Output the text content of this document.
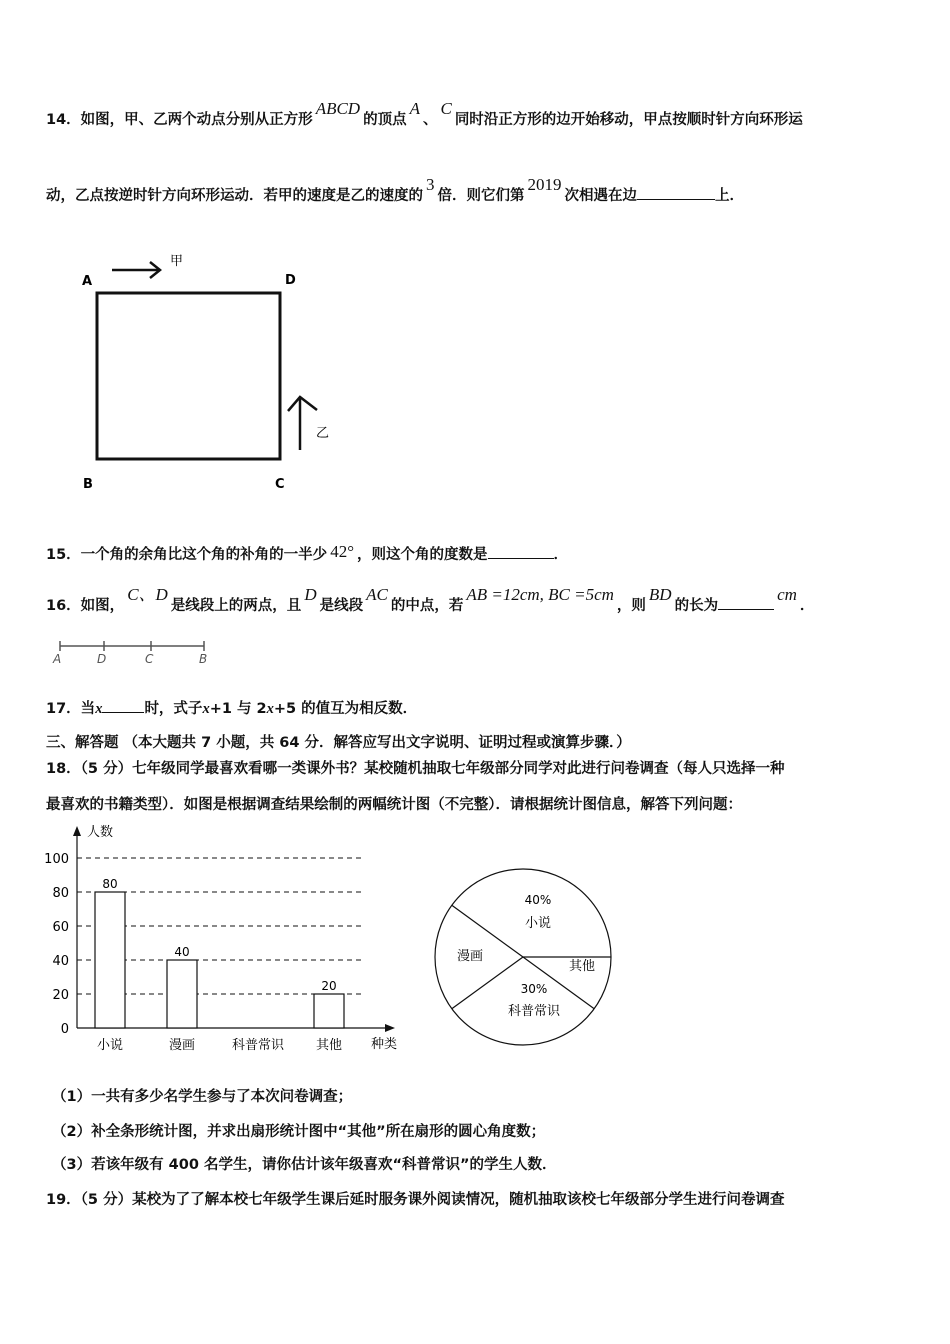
14．如图，甲、乙两个动点分别从正方形ABCD的顶点A、C同时沿正方形的边开始移动，甲点按顺时针方向环形运
动，乙点按逆时针方向环形运动．若甲的速度是乙的速度的3倍．则它们第2019次相遇在边	上．
A	D
B	C
甲
乙
15．一个角的余角比这个角的补角的一半少 42° ，则这个角的度数是	．
16．如图，C、D是线段上的两点，且D是线段AC的中点，若AB =12cm, BC =5cm，则BD的长为cm．
A	D	C	B
17．当x	时，式子x+1 与 2x+5 的值互为相反数．
三、解答题 （本大题共 7 小题，共 64 分．解答应写出文字说明、证明过程或演算步骤．）
18．（5 分）七年级同学最喜欢看哪一类课外书？某校随机抽取七年级部分同学对此进行问卷调查（每人只选择一种
最喜欢的书籍类型）．如图是根据调查结果绘制的两幅统计图（不完整）．请根据统计图信息，解答下列问题：
人数
种类
0
20
40
60
80
100
小说
80
漫画
40
科普常识 其他
20
40%
小说
漫画
其他
30%
科普常识
（1）一共有多少名学生参与了本次问卷调查；
（2）补全条形统计图，并求出扇形统计图中“其他”所在扇形的圆心角度数；
（3）若该年级有 400 名学生，请你估计该年级喜欢“科普常识”的学生人数．
19．（5 分）某校为了了解本校七年级学生课后延时服务课外阅读情况，随机抽取该校七年级部分学生进行问卷调查
